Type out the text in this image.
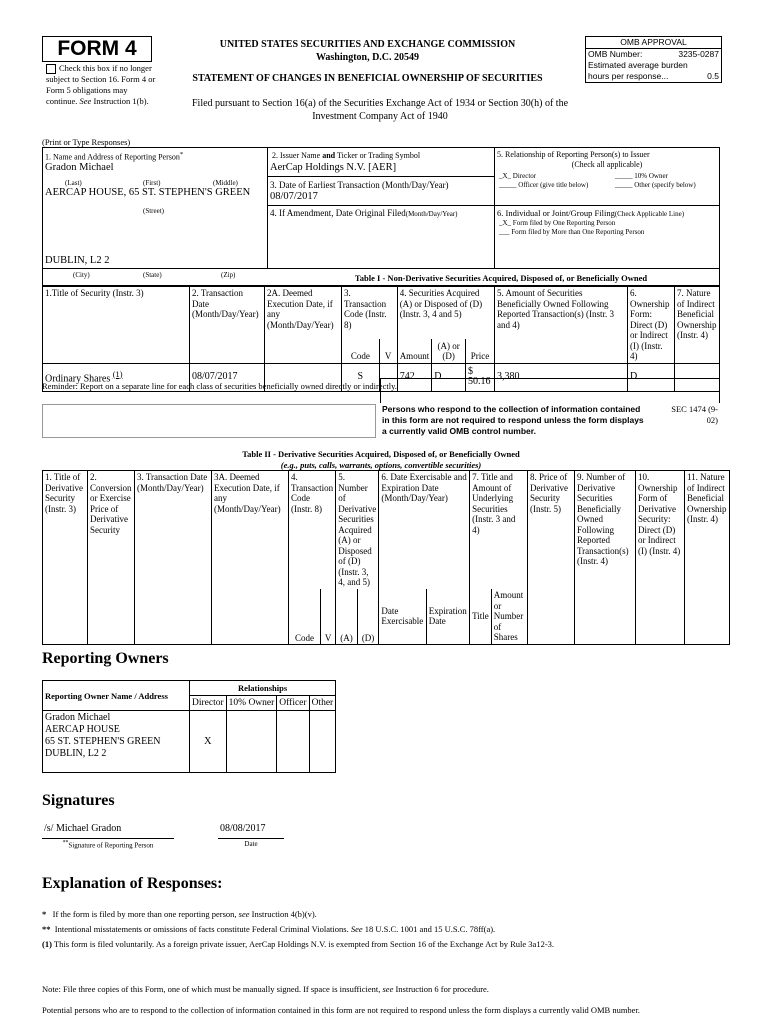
FORM 4
Check this box if no longer subject to Section 16. Form 4 or Form 5 obligations may continue. See Instruction 1(b).
UNITED STATES SECURITIES AND EXCHANGE COMMISSION
Washington, D.C. 20549
STATEMENT OF CHANGES IN BENEFICIAL OWNERSHIP OF SECURITIES
Filed pursuant to Section 16(a) of the Securities Exchange Act of 1934 or Section 30(h) of the Investment Company Act of 1940
OMB APPROVAL
OMB Number:	3235-0287
Estimated average burden
hours per response...	0.5
(Print or Type Responses)
1. Name and Address of Reporting Person*
Gradon Michael
(Last)	(First)	(Middle)
AERCAP HOUSE, 65 ST. STEPHEN'S GREEN
(Street)
DUBLIN, L2 2
2. Issuer Name and Ticker or Trading Symbol
AerCap Holdings N.V. [AER]
3. Date of Earliest Transaction (Month/Day/Year)
08/07/2017
4. If Amendment, Date Original Filed(Month/Day/Year)
5. Relationship of Reporting Person(s) to Issuer
(Check all applicable)
_X_ Director	_____ 10% Owner
_____ Officer (give title below)	_____ Other (specify below)
6. Individual or Joint/Group Filing(Check Applicable Line)
_X_ Form filed by One Reporting Person
___ Form filed by More than One Reporting Person
(City)	(State)	(Zip)	Table I - Non-Derivative Securities Acquired, Disposed of, or Beneficially Owned
1.Title of Security (Instr. 3)	2. Transaction Date (Month/Day/Year)	2A. Deemed Execution Date, if any (Month/Day/Year)	3. Transaction Code (Instr. 8)		4. Securities Acquired (A) or Disposed of (D) (Instr. 3, 4 and 5)			5. Amount of Securities Beneficially Owned Following Reported Transaction(s) (Instr. 3 and 4)	6. Ownership Form: Direct (D) or Indirect (I) (Instr. 4)	7. Nature of Indirect Beneficial Ownership (Instr. 4)
			Code	V	Amount	(A) or (D)	Price			
Ordinary Shares $^{(1)}$	08/07/2017		S		742	D	$ 50.16	3,380	D	
Reminder: Report on a separate line for each class of securities beneficially owned directly or indirectly.
Persons who respond to the collection of information contained in this form are not required to respond unless the form displays a currently valid OMB control number.
SEC 1474 (9-02)
Table II - Derivative Securities Acquired, Disposed of, or Beneficially Owned
(e.g., puts, calls, warrants, options, convertible securities)
1. Title of Derivative Security (Instr. 3)	2. Conversion or Exercise Price of Derivative Security	3. Transaction Date (Month/Day/Year)	3A. Deemed Execution Date, if any (Month/Day/Year)	4. Transaction Code (Instr. 8)		5. Number of Derivative Securities Acquired (A) or Disposed of (D) (Instr. 3, 4, and 5)		6. Date Exercisable and Expiration Date (Month/Day/Year)		7. Title and Amount of Underlying Securities (Instr. 3 and 4)		8. Price of Derivative Security (Instr. 5)	9. Number of Derivative Securities Beneficially Owned Following Reported Transaction(s) (Instr. 4)	10. Ownership Form of Derivative Security: Direct (D) or Indirect (I) (Instr. 4)	11. Nature of Indirect Beneficial Ownership (Instr. 4)
				Code	V	(A)	(D)	Date Exercisable	Expiration Date	Title	Amount or Number of Shares				
Reporting Owners
Reporting Owner Name / Address	Relationships			
	Director	10% Owner	Officer	Other

Gradon Michael
AERCAP HOUSE
65 ST. STEPHEN'S GREEN
DUBLIN, L2 2	X			
Signatures
/s/ Michael Gradon		08/08/2017
**Signature of Reporting Person		Date
Explanation of Responses:
* If the form is filed by more than one reporting person, see Instruction 4(b)(v).
** Intentional misstatements or omissions of facts constitute Federal Criminal Violations. See 18 U.S.C. 1001 and 15 U.S.C. 78ff(a).
(1) This form is filed voluntarily. As a foreign private issuer, AerCap Holdings N.V. is exempted from Section 16 of the Exchange Act by Rule 3a12-3.
Note: File three copies of this Form, one of which must be manually signed. If space is insufficient, see Instruction 6 for procedure.
Potential persons who are to respond to the collection of information contained in this form are not required to respond unless the form displays a currently valid OMB number.
